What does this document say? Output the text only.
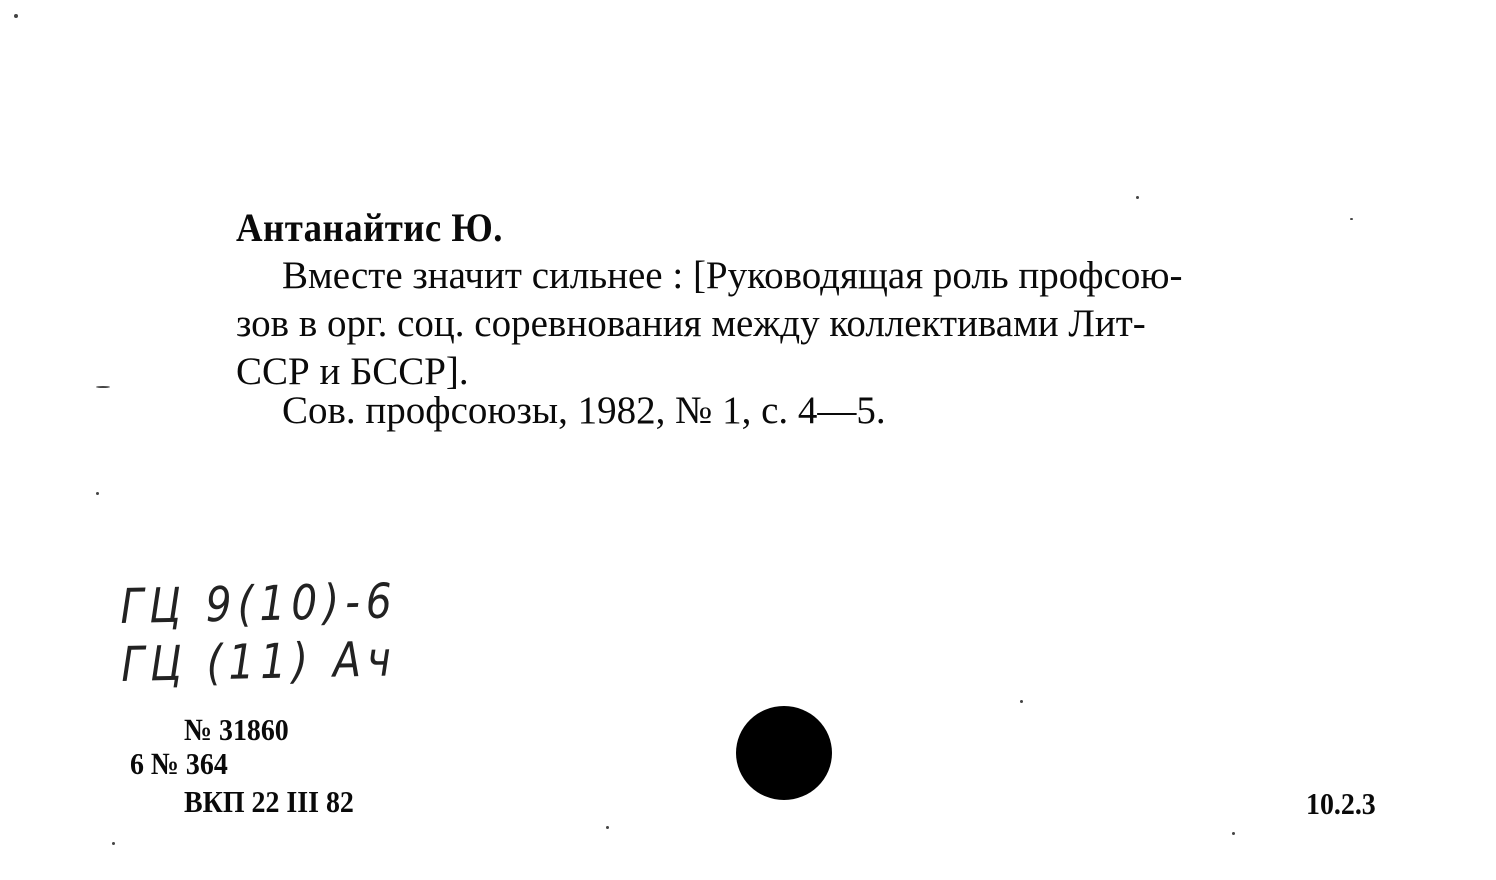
Антанайтис Ю.
Вместе значит сильнее : [Руководящая роль профсою-
зов в орг. соц. соревнования между коллективами Лит-
ССР и БССР].
Сов. профсоюзы, 1982, № 1, с. 4—5.
ГЦ 9(10)-6
ГЦ (11) Ач
№ 31860
6 № 364
ВКП 22 III 82	10.2.3
